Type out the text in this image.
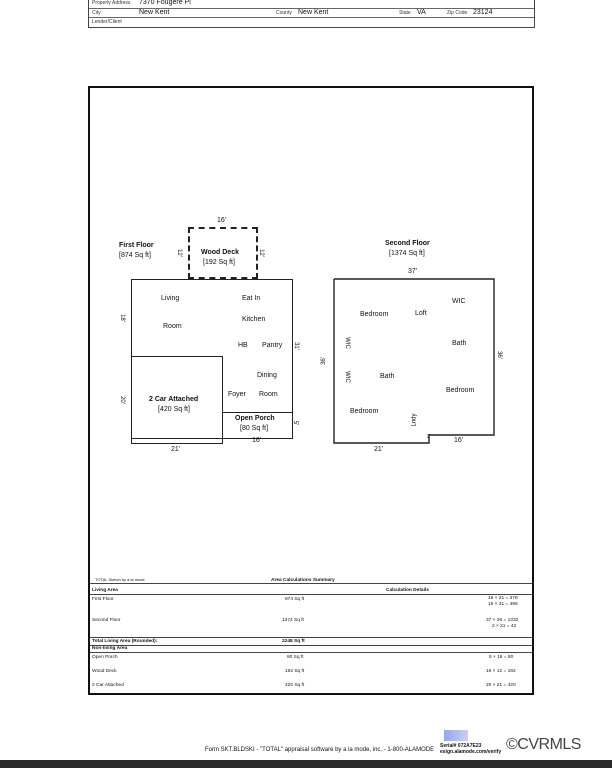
Property Address 7370 Fougere Pl
City	New Kent	County New Kent	State VA	Zip Code 23124
Lender/Client
First Floor
[874 Sq ft]
16'
12'	12'
Wood Deck
[192 Sq ft]
18'
20'
31'
5'
21'
16'
Living
Room
Eat In
Kitchen
HB Pantry
Dining
Room
Foyer
2 Car Attached
[420 Sq ft]
Open Porch
[80 Sq ft]
Second Floor
[1374 Sq ft]
37'
36'
36'
21'
16'
2'
Bedroom	Loft
WIC
WIC
WIC
Bath
Bath
Bedroom
Bedroom
Lndy
TOTAL Sketch by a la mode	Area Calculations Summary
Living Area	Calculation Details
First Floor	874 Sq ft	18 × 21 = 378
16 × 31 = 496
Second Floor	1374 Sq ft	37 × 36 = 1332
2 × 21 = 42
Total Living Area (Rounded):	2248 Sq ft
Non-living Area
Open Porch	80 Sq ft	5 × 16 = 80
Wood Deck	192 Sq ft	16 × 12 = 192
2 Car Attached	420 Sq ft	20 × 21 = 420
Form SKT.BLDSKI - "TOTAL" appraisal software by a la mode, inc. - 1-800-ALAMODE
Serial# 072A7E23
esign.alamode.com/verify ©CVRMLS
